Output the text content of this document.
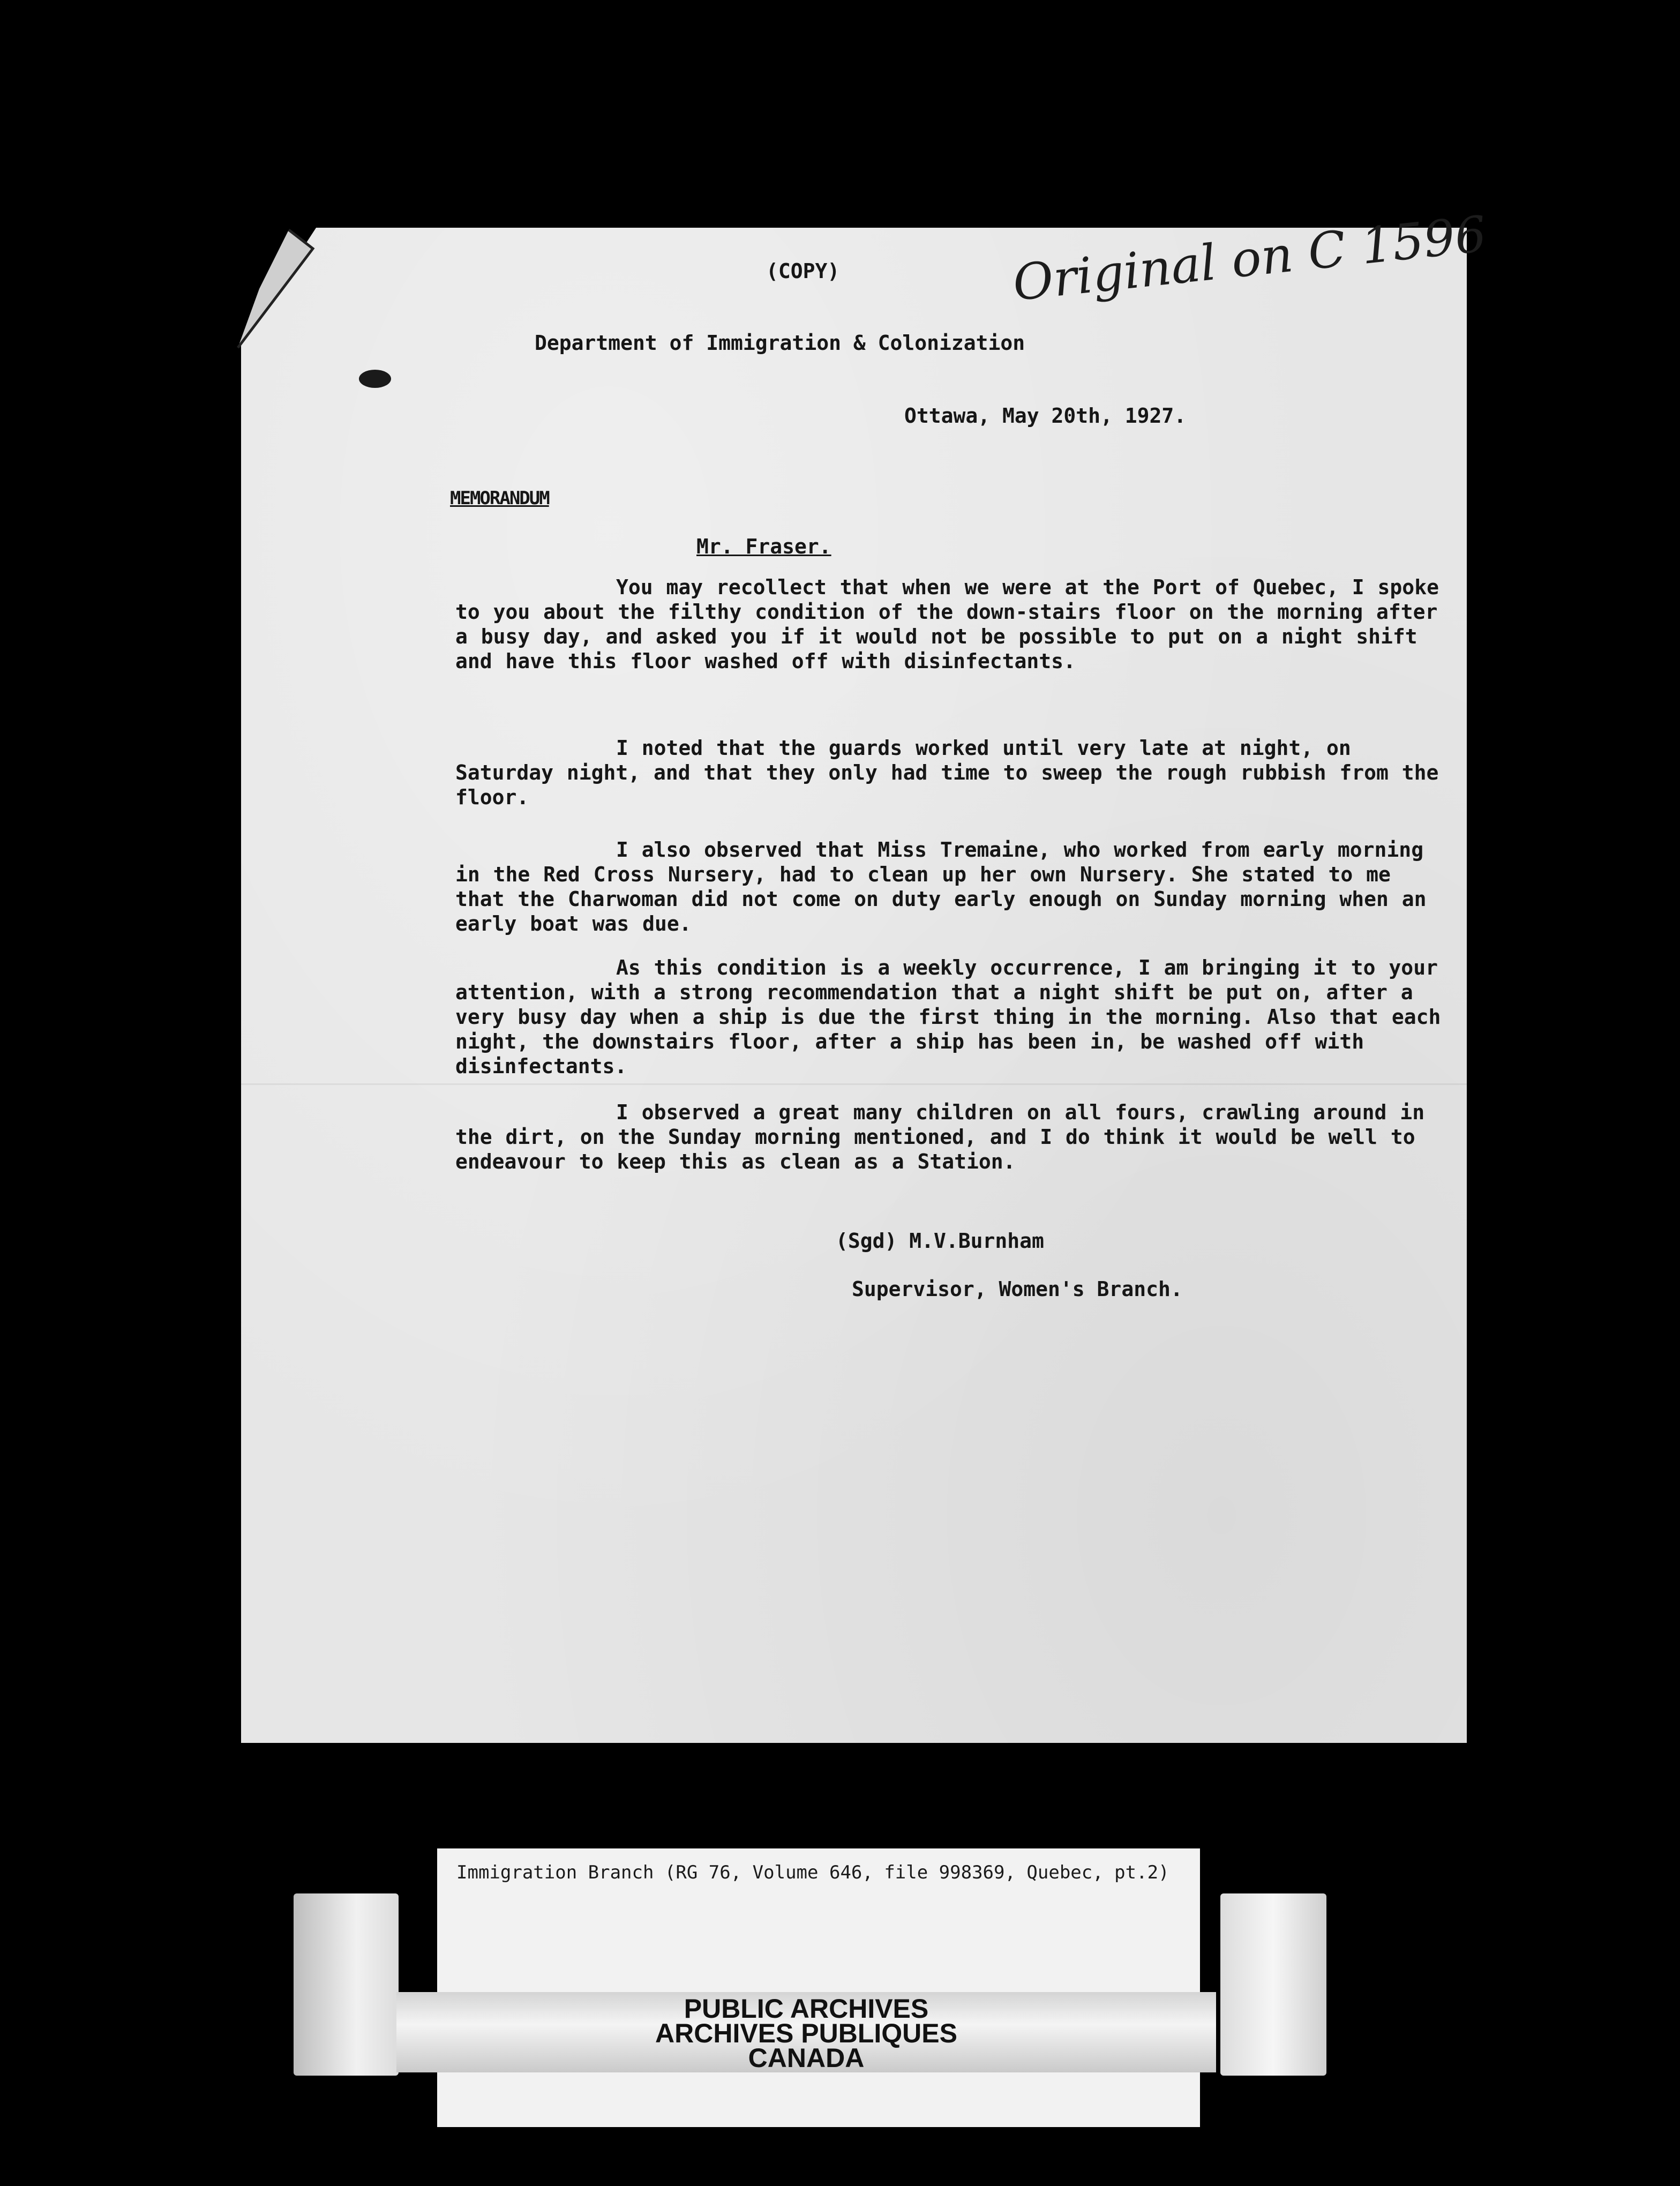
Original on C 1596
(COPY)
Department of Immigration & Colonization
Ottawa, May 20th, 1927.
MEMORANDUM
Mr. Fraser.
You may recollect that when we were at the Port of Quebec, I spoke to you about the filthy condition of the down-stairs floor on the morning after a busy day, and asked you if it would not be possible to put on a night shift and have this floor washed off with disinfectants.
I noted that the guards worked until very late at night, on Saturday night, and that they only had time to sweep the rough rubbish from the floor.
I also observed that Miss Tremaine, who worked from early morning in the Red Cross Nursery, had to clean up her own Nursery. She stated to me that the Charwoman did not come on duty early enough on Sunday morning when an early boat was due.
As this condition is a weekly occurrence, I am bringing it to your attention, with a strong recommendation that a night shift be put on, after a very busy day when a ship is due the first thing in the morning. Also that each night, the downstairs floor, after a ship has been in, be washed off with disinfectants.
I observed a great many children on all fours, crawling around in the dirt, on the Sunday morning mentioned, and I do think it would be well to endeavour to keep this as clean as a Station.
(Sgd) M.V.Burnham
Supervisor, Women's Branch.
Immigration Branch (RG 76, Volume 646, file 998369, Quebec, pt.2)
PUBLIC ARCHIVES
ARCHIVES PUBLIQUES
CANADA
